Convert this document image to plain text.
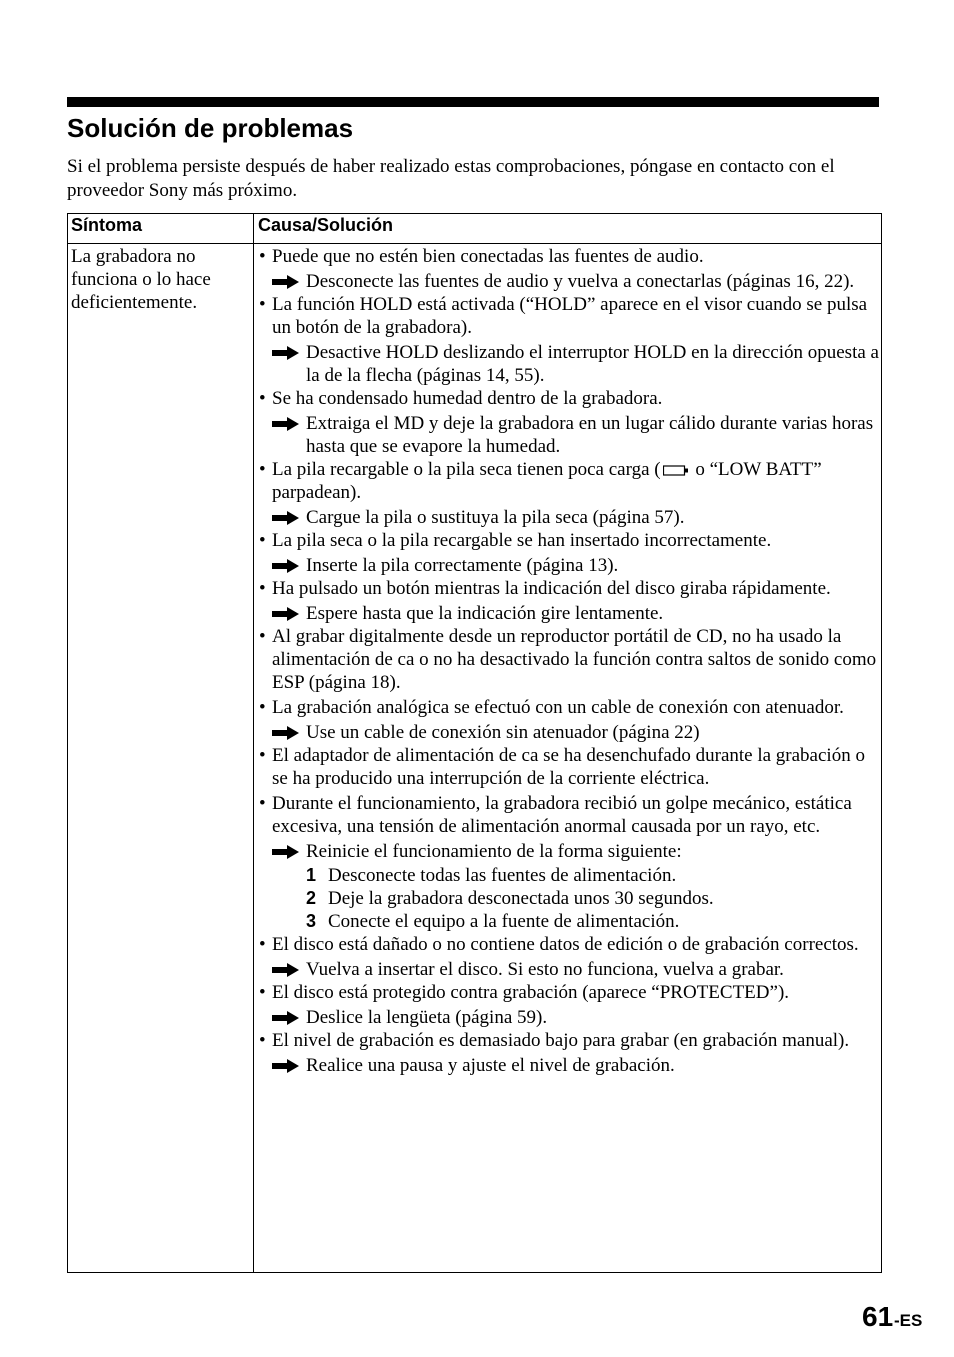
Solución de problemas

Si el problema persiste después de haber realizado estas comprobaciones, póngase en contacto con el proveedor Sony más próximo.

Síntoma	Causa/Solución
La grabadora no funciona o lo hace deficientemente.
• Puede que no estén bien conectadas las fuentes de audio.
Desconecte las fuentes de audio y vuelva a conectarlas (páginas 16, 22).
• La función HOLD está activada (“HOLD” aparece en el visor cuando se pulsa un botón de la grabadora).
Desactive HOLD deslizando el interruptor HOLD en la dirección opuesta a la de la flecha (páginas 14, 55).
• Se ha condensado humedad dentro de la grabadora.
Extraiga el MD y deje la grabadora en un lugar cálido durante varias horas hasta que se evapore la humedad.
• La pila recargable o la pila seca tienen poca carga ( o “LOW BATT” parpadean).
Cargue la pila o sustituya la pila seca (página 57).
• La pila seca o la pila recargable se han insertado incorrectamente.
Inserte la pila correctamente (página 13).
• Ha pulsado un botón mientras la indicación del disco giraba rápidamente.
Espere hasta que la indicación gire lentamente.
• Al grabar digitalmente desde un reproductor portátil de CD, no ha usado la alimentación de ca o no ha desactivado la función contra saltos de sonido como ESP (página 18).
• La grabación analógica se efectuó con un cable de conexión con atenuador.
Use un cable de conexión sin atenuador (página 22)
• El adaptador de alimentación de ca se ha desenchufado durante la grabación o se ha producido una interrupción de la corriente eléctrica.
• Durante el funcionamiento, la grabadora recibió un golpe mecánico, estática excesiva, una tensión de alimentación anormal causada por un rayo, etc.
Reinicie el funcionamiento de la forma siguiente:
1 Desconecte todas las fuentes de alimentación.
2 Deje la grabadora desconectada unos 30 segundos.
3 Conecte el equipo a la fuente de alimentación.
• El disco está dañado o no contiene datos de edición o de grabación correctos.
Vuelva a insertar el disco. Si esto no funciona, vuelva a grabar.
• El disco está protegido contra grabación (aparece “PROTECTED”).
Deslice la lengüeta (página 59).
• El nivel de grabación es demasiado bajo para grabar (en grabación manual).
Realice una pausa y ajuste el nivel de grabación.
61 -ES
